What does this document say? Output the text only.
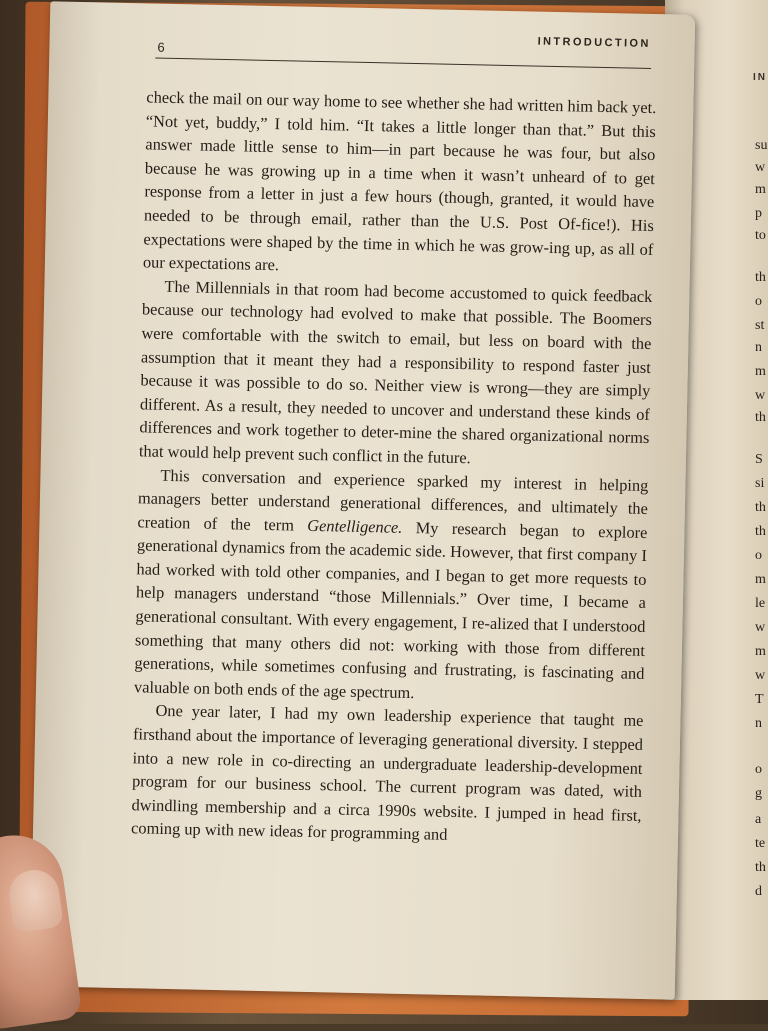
IN
su
w
m
p
to
th
o
st
n
m
w
th
S
si
th
th
o
m
le
w
m
w
T
n
o
g
a
te
th
d
6	INTRODUCTION

check the mail on our way home to see whether she had written him back yet. “Not yet, buddy,” I told him. “It takes a little longer than that.” But this answer made little sense to him—in part because he was four, but also because he was growing up in a time when it wasn’t unheard of to get response from a letter in just a few hours (though, granted, it would have needed to be through email, rather than the U.S. Post Of-fice!). His expectations were shaped by the time in which he was grow-ing up, as all of our expectations are.

The Millennials in that room had become accustomed to quick feedback because our technology had evolved to make that possible. The Boomers were comfortable with the switch to email, but less on board with the assumption that it meant they had a responsibility to respond faster just because it was possible to do so. Neither view is wrong—they are simply different. As a result, they needed to uncover and understand these kinds of differences and work together to deter-mine the shared organizational norms that would help prevent such conflict in the future.

This conversation and experience sparked my interest in helping managers better understand generational differences, and ultimately the creation of the term Gentelligence. My research began to explore generational dynamics from the academic side. However, that first company I had worked with told other companies, and I began to get more requests to help managers understand “those Millennials.” Over time, I became a generational consultant. With every engagement, I re-alized that I understood something that many others did not: working with those from different generations, while sometimes confusing and frustrating, is fascinating and valuable on both ends of the age spectrum.

One year later, I had my own leadership experience that taught me firsthand about the importance of leveraging generational diversity. I stepped into a new role in co-directing an undergraduate leadership-development program for our business school. The current program was dated, with dwindling membership and a circa 1990s website. I jumped in head first, coming up with new ideas for programming and
